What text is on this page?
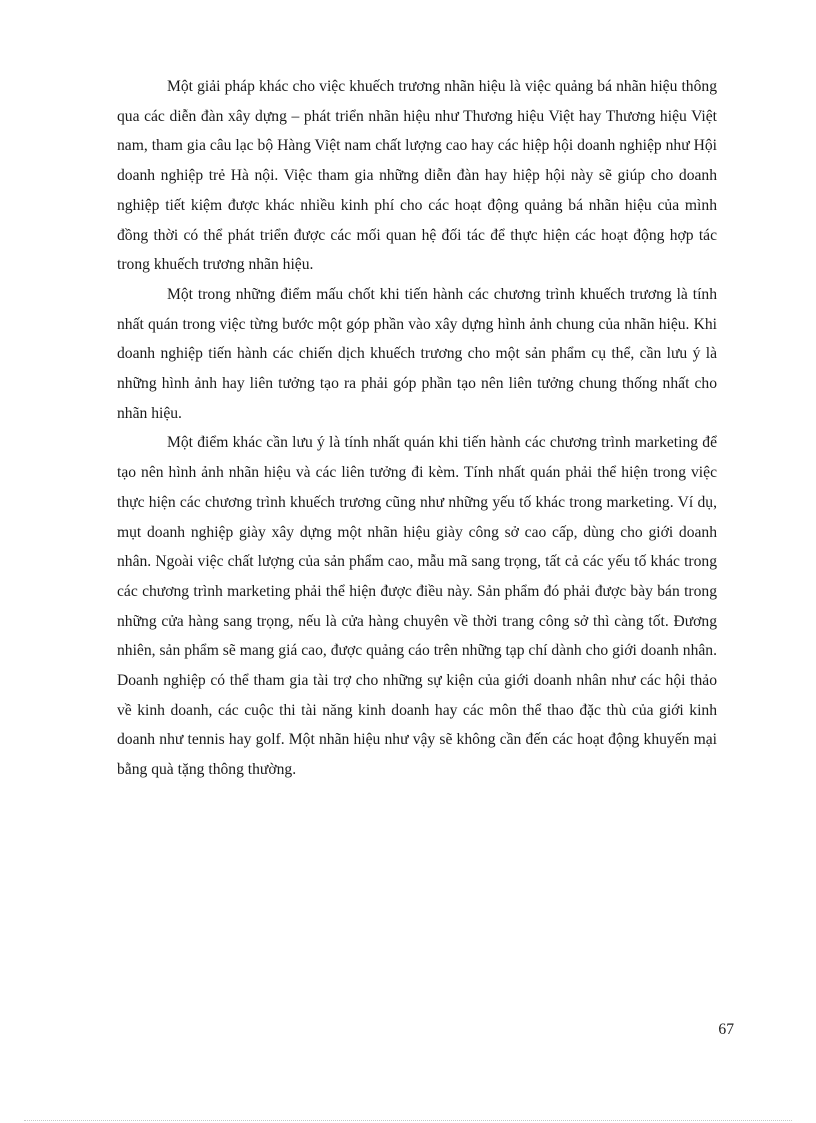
Một giải pháp khác cho việc khuếch trương nhãn hiệu là việc quảng bá nhãn hiệu thông qua các diễn đàn xây dựng – phát triển nhãn hiệu như Thương hiệu Việt hay Thương hiệu Việt nam, tham gia câu lạc bộ Hàng Việt nam chất lượng cao hay các hiệp hội doanh nghiệp như Hội doanh nghiệp trẻ Hà nội. Việc tham gia những diễn đàn hay hiệp hội này sẽ giúp cho doanh nghiệp tiết kiệm được khác nhiều kinh phí cho các hoạt động quảng bá nhãn hiệu của mình đồng thời có thể phát triển được các mối quan hệ đối tác để thực hiện các hoạt động hợp tác trong khuếch trương nhãn hiệu.

Một trong những điểm mấu chốt khi tiến hành các chương trình khuếch trương là tính nhất quán trong việc từng bước một góp phần vào xây dựng hình ảnh chung của nhãn hiệu. Khi doanh nghiệp tiến hành các chiến dịch khuếch trương cho một sản phẩm cụ thể, cần lưu ý là những hình ảnh hay liên tưởng tạo ra phải góp phần tạo nên liên tưởng chung thống nhất cho nhãn hiệu.

Một điểm khác cần lưu ý là tính nhất quán khi tiến hành các chương trình marketing để tạo nên hình ảnh nhãn hiệu và các liên tưởng đi kèm. Tính nhất quán phải thể hiện trong việc thực hiện các chương trình khuếch trương cũng như những yếu tố khác trong marketing. Ví dụ, mụt doanh nghiệp giày xây dựng một nhãn hiệu giày công sở cao cấp, dùng cho giới doanh nhân. Ngoài việc chất lượng của sản phẩm cao, mẫu mã sang trọng, tất cả các yếu tố khác trong các chương trình marketing phải thể hiện được điều này. Sản phẩm đó phải được bày bán trong những cửa hàng sang trọng, nếu là cửa hàng chuyên về thời trang công sở thì càng tốt. Đương nhiên, sản phẩm sẽ mang giá cao, được quảng cáo trên những tạp chí dành cho giới doanh nhân. Doanh nghiệp có thể tham gia tài trợ cho những sự kiện của giới doanh nhân như các hội thảo về kinh doanh, các cuộc thi tài năng kinh doanh hay các môn thể thao đặc thù của giới kinh doanh như tennis hay golf. Một nhãn hiệu như vậy sẽ không cần đến các hoạt động khuyến mại bằng quà tặng thông thường.

67
